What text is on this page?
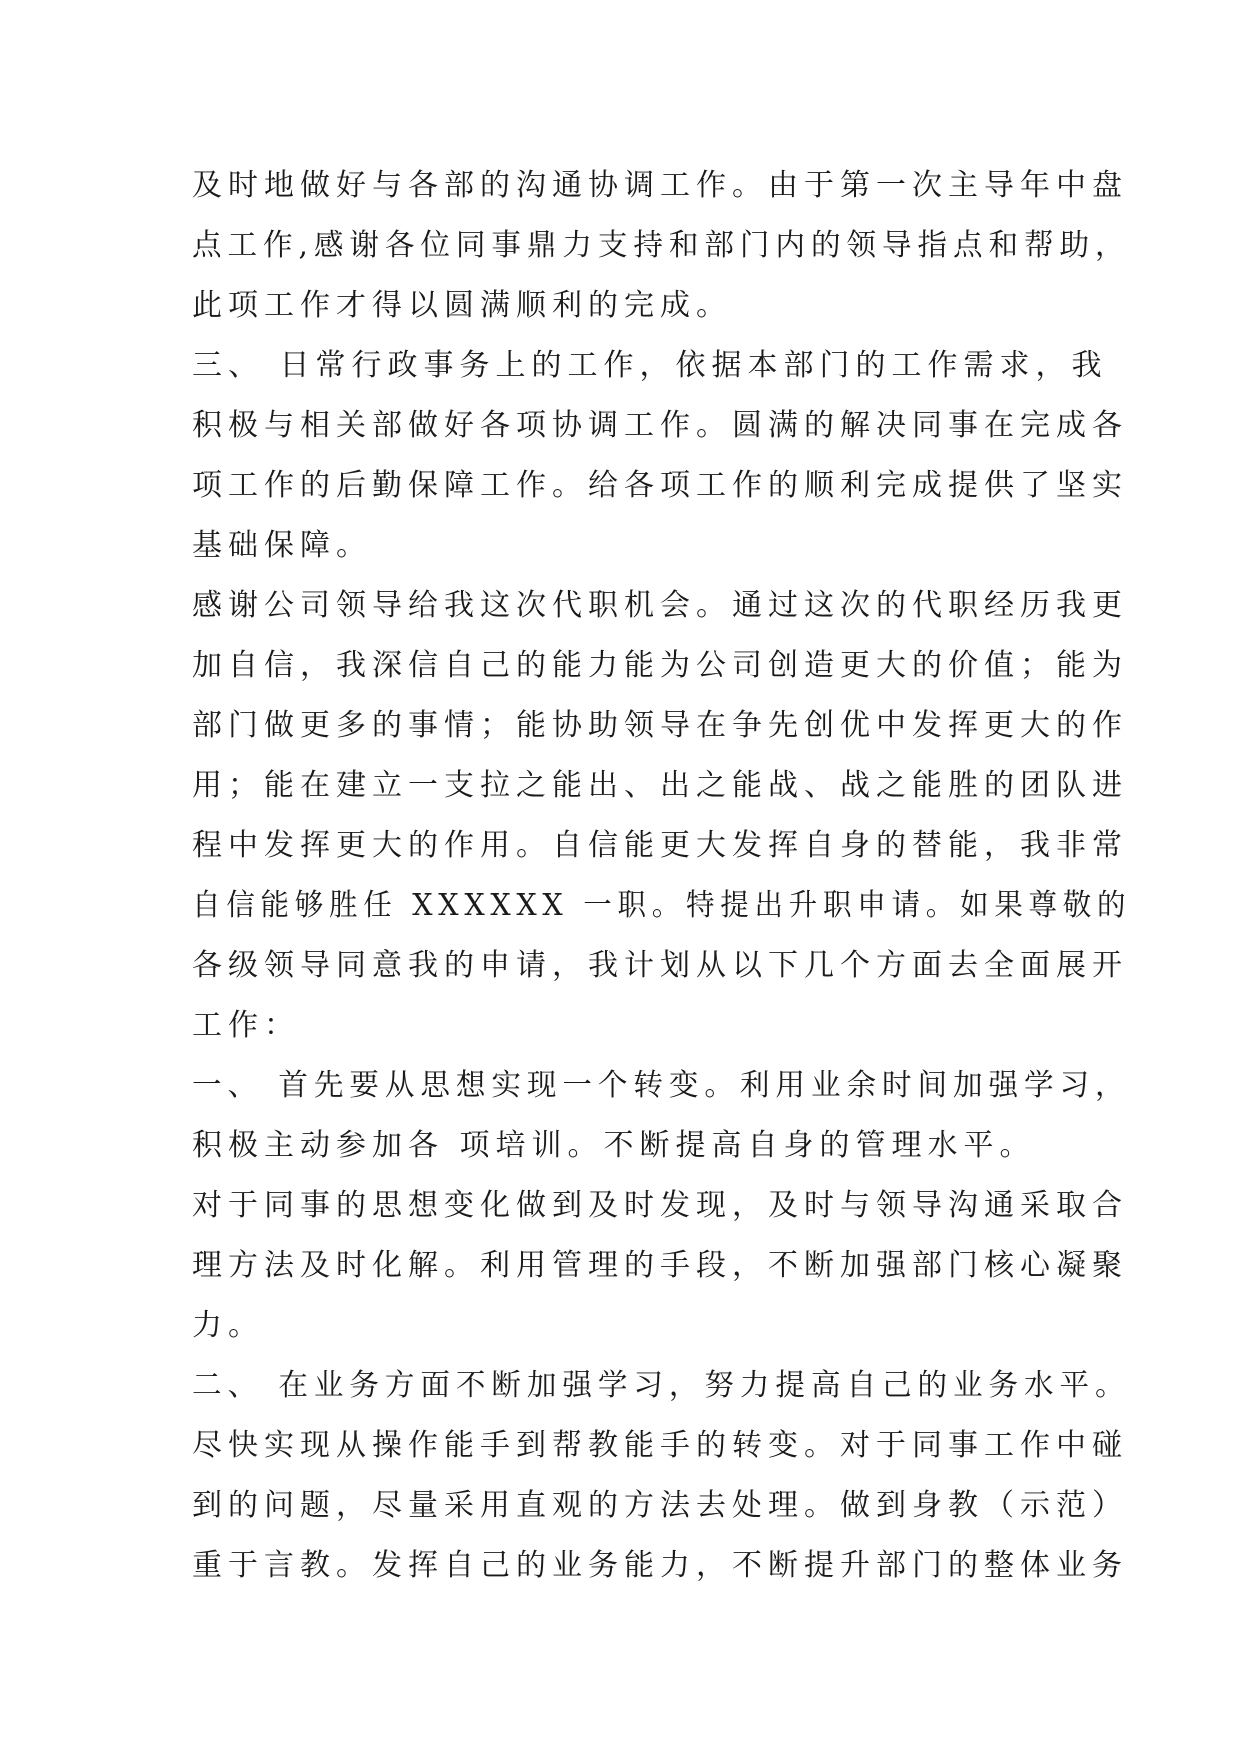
及时地做好与各部的沟通协调工作。由于第一次主导年中盘
点工作,感谢各位同事鼎力支持和部门内的领导指点和帮助，
此项工作才得以圆满顺利的完成。
三、 日常行政事务上的工作，依据本部门的工作需求，我
积极与相关部做好各项协调工作。圆满的解决同事在完成各
项工作的后勤保障工作。给各项工作的顺利完成提供了坚实
基础保障。
感谢公司领导给我这次代职机会。通过这次的代职经历我更
加自信，我深信自己的能力能为公司创造更大的价值；能为
部门做更多的事情；能协助领导在争先创优中发挥更大的作
用；能在建立一支拉之能出、出之能战、战之能胜的团队进
程中发挥更大的作用。自信能更大发挥自身的替能，我非常
自信能够胜任 XXXXXX 一职。特提出升职申请。如果尊敬的
各级领导同意我的申请，我计划从以下几个方面去全面展开
工作：
一、 首先要从思想实现一个转变。利用业余时间加强学习，
积极主动参加各 项培训。不断提高自身的管理水平。
对于同事的思想变化做到及时发现，及时与领导沟通采取合
理方法及时化解。利用管理的手段，不断加强部门核心凝聚
力。
二、 在业务方面不断加强学习，努力提高自己的业务水平。
尽快实现从操作能手到帮教能手的转变。对于同事工作中碰
到的问题，尽量采用直观的方法去处理。做到身教（示范）
重于言教。发挥自己的业务能力，不断提升部门的整体业务
